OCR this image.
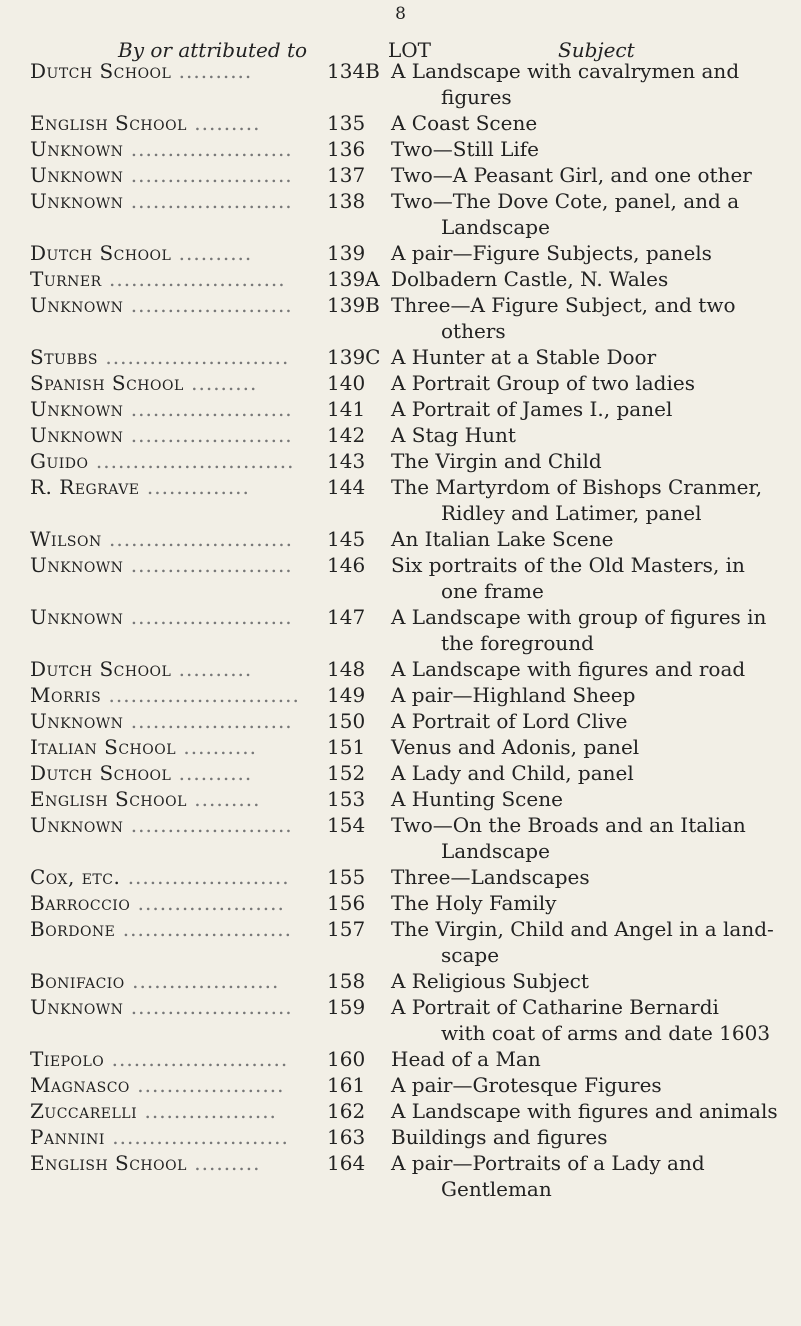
8
By or attributed to	LOT	Subject
Dutch School ..........	134B A Landscape with cavalrymen and
figures
English School .........	135	A Coast Scene
Unknown ......................	136	Two—Still Life
Unknown ......................	137	Two—A Peasant Girl, and one other
Unknown ......................	138	Two—The Dove Cote, panel, and a
Landscape
Dutch School ..........	139	A pair—Figure Subjects, panels
Turner ........................	139A Dolbadern Castle, N. Wales
Unknown ......................	139B Three—A Figure Subject, and two
others
Stubbs .........................	139C A Hunter at a Stable Door
Spanish School .........	140	A Portrait Group of two ladies
Unknown ......................	141	A Portrait of James I., panel
Unknown ......................	142	A Stag Hunt
Guido ...........................	143	The Virgin and Child
R. Regrave ..............	144	The Martyrdom of Bishops Cranmer,
Ridley and Latimer, panel
Wilson .........................	145	An Italian Lake Scene
Unknown ......................	146	Six portraits of the Old Masters, in
one frame
Unknown ......................	147	A Landscape with group of figures in
the foreground
Dutch School ..........	148	A Landscape with figures and road
Morris ..........................	149	A pair—Highland Sheep
Unknown ......................	150	A Portrait of Lord Clive
Italian School ..........	151	Venus and Adonis, panel
Dutch School ..........	152	A Lady and Child, panel
English School .........	153	A Hunting Scene
Unknown ......................	154	Two—On the Broads and an Italian
Landscape
Cox, etc. ......................	155	Three—Landscapes
Barroccio ....................	156	The Holy Family
Bordone .......................	157	The Virgin, Child and Angel in a land-
scape
Bonifacio ....................	158	A Religious Subject
Unknown ......................	159	A Portrait of Catharine Bernardi
with coat of arms and date 1603
Tiepolo ........................	160	Head of a Man
Magnasco ....................	161	A pair—Grotesque Figures
Zuccarelli ..................	162	A Landscape with figures and animals
Pannini ........................	163	Buildings and figures
English School .........	164	A pair—Portraits of a Lady and
Gentleman
